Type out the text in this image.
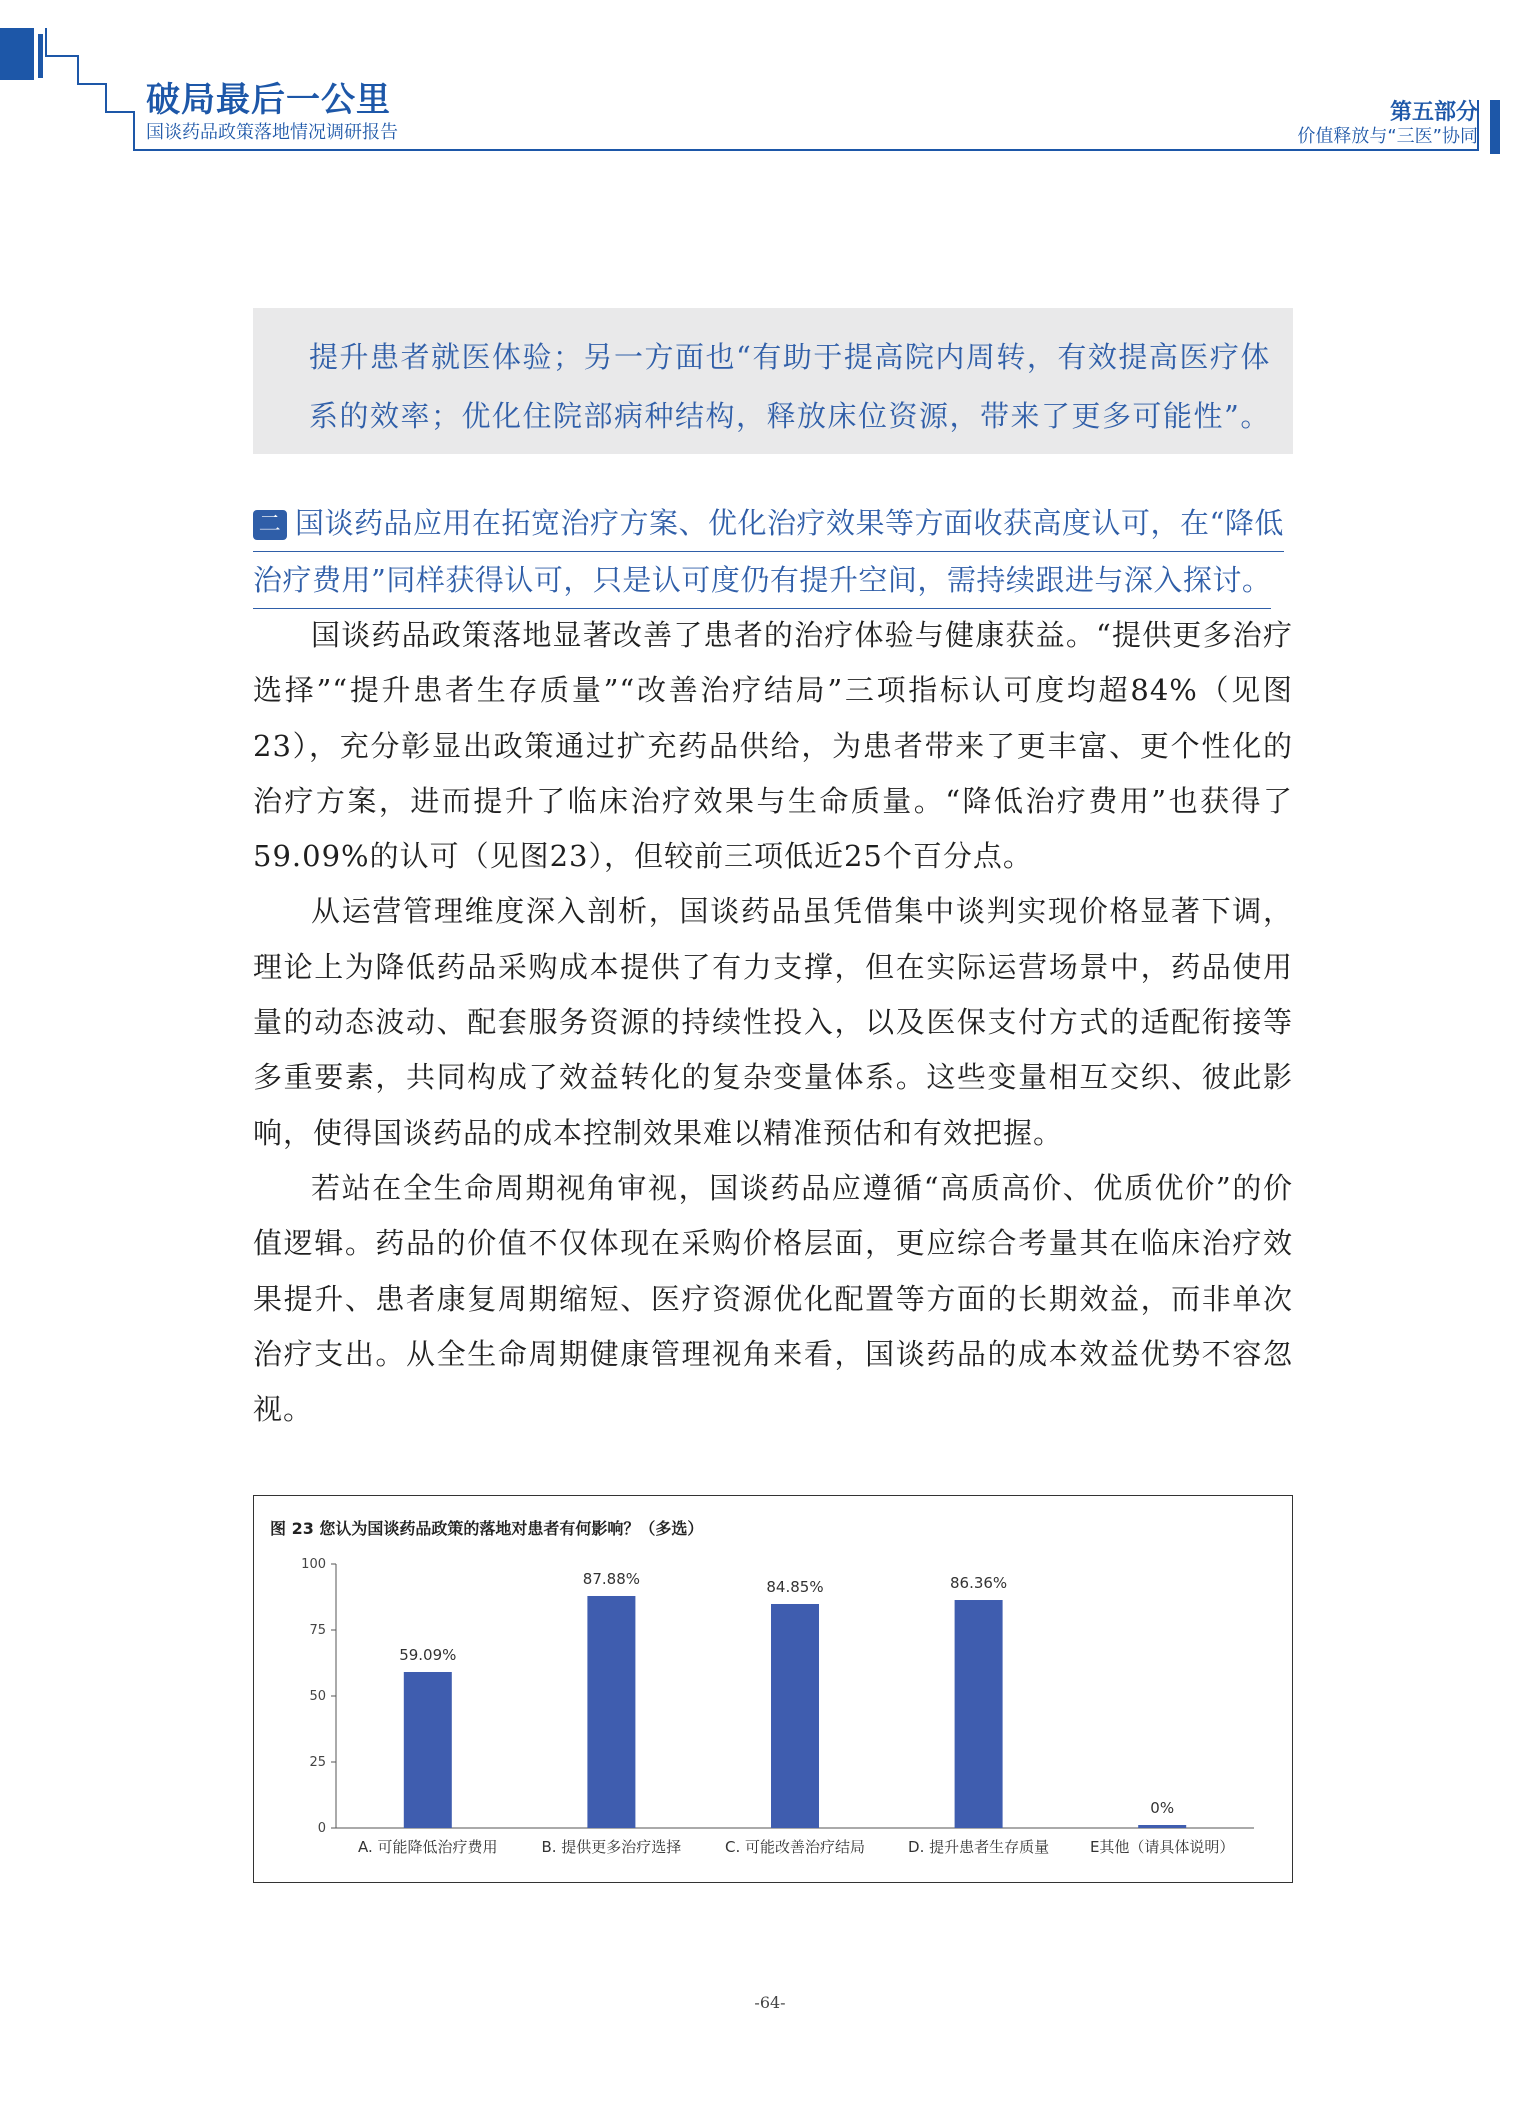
破局最后一公里
国谈药品政策落地情况调研报告
第五部分
价值释放与“三医”协同

提升患者就医体验；另一方面也“有助于提高院内周转，有效提高医疗体

系的效率；优化住院部病种结构，释放床位资源，带来了更多可能性”。

二 国谈药品应用在拓宽治疗方案、优化治疗效果等方面收获高度认可，在“降低
治疗费用”同样获得认可，只是认可度仍有提升空间，需持续跟进与深入探讨。

国谈药品政策落地显著改善了患者的治疗体验与健康获益。“提供更多治疗选择”“提升患者生存质量”“改善治疗结局”三项指标认可度均超84%（见图23），充分彰显出政策通过扩充药品供给，为患者带来了更丰富、更个性化的治疗方案，进而提升了临床治疗效果与生命质量。“降低治疗费用”也获得了59.09%的认可（见图23），但较前三项低近25个百分点。

从运营管理维度深入剖析，国谈药品虽凭借集中谈判实现价格显著下调，理论上为降低药品采购成本提供了有力支撑，但在实际运营场景中，药品使用量的动态波动、配套服务资源的持续性投入，以及医保支付方式的适配衔接等多重要素，共同构成了效益转化的复杂变量体系。这些变量相互交织、彼此影响，使得国谈药品的成本控制效果难以精准预估和有效把握。

若站在全生命周期视角审视，国谈药品应遵循“高质高价、优质优价”的价值逻辑。药品的价值不仅体现在采购价格层面，更应综合考量其在临床治疗效果提升、患者康复周期缩短、医疗资源优化配置等方面的长期效益，而非单次治疗支出。从全生命周期健康管理视角来看，国谈药品的成本效益优势不容忽视。

图 23 您认为国谈药品政策的落地对患者有何影响？（多选）
0
25
50
75
100
59.09%
A. 可能降低治疗费用
87.88%
B. 提供更多治疗选择
84.85%
C. 可能改善治疗结局
86.36%
D. 提升患者生存质量
0%
E其他（请具体说明）
-64-
